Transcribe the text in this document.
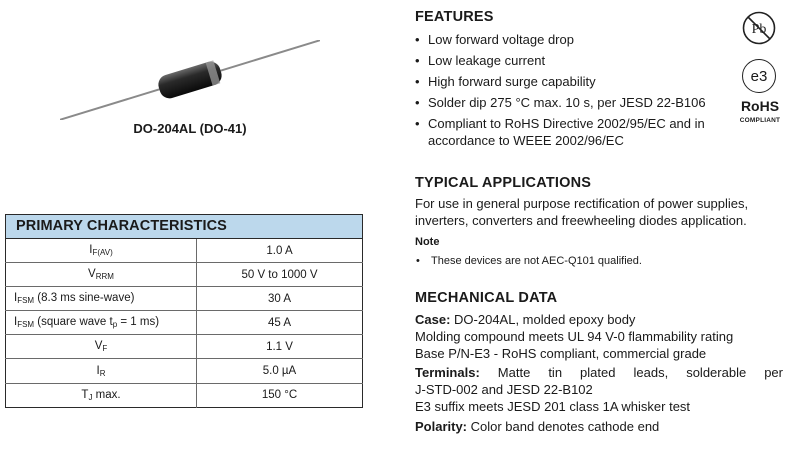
DO-204AL (DO-41)
PRIMARY CHARACTERISTICS	
$I_{F(AV)}$	1.0 A
$V_{RRM}$	50 V to 1000 V
$I_{FSM}$ (8.3 ms sine-wave)	30 A
$I_{FSM}$ (square wave $t_p = 1$ ms)	45 A
$V_F$	1.1 V
$I_R$	5.0 µA
$T_J$ max.	150 °C
FEATURES
• Low forward voltage drop
• Low leakage current
• High forward surge capability
• Solder dip 275 °C max. 10 s, per JESD 22-B106
• Compliant to RoHS Directive 2002/95/EC and in accordance to WEEE 2002/96/EC
Pb
e3
RoHS
COMPLIANT
TYPICAL APPLICATIONS
For use in general purpose rectification of power supplies,
inverters, converters and freewheeling diodes application.
Note
• These devices are not AEC-Q101 qualified.
MECHANICAL DATA
Case: DO-204AL, molded epoxy body
Molding compound meets UL 94 V-0 flammability rating
Base P/N-E3 - RoHS compliant, commercial grade
Terminals: Matte tin plated leads, solderable per
J-STD-002 and JESD 22-B102
E3 suffix meets JESD 201 class 1A whisker test
Polarity: Color band denotes cathode end
